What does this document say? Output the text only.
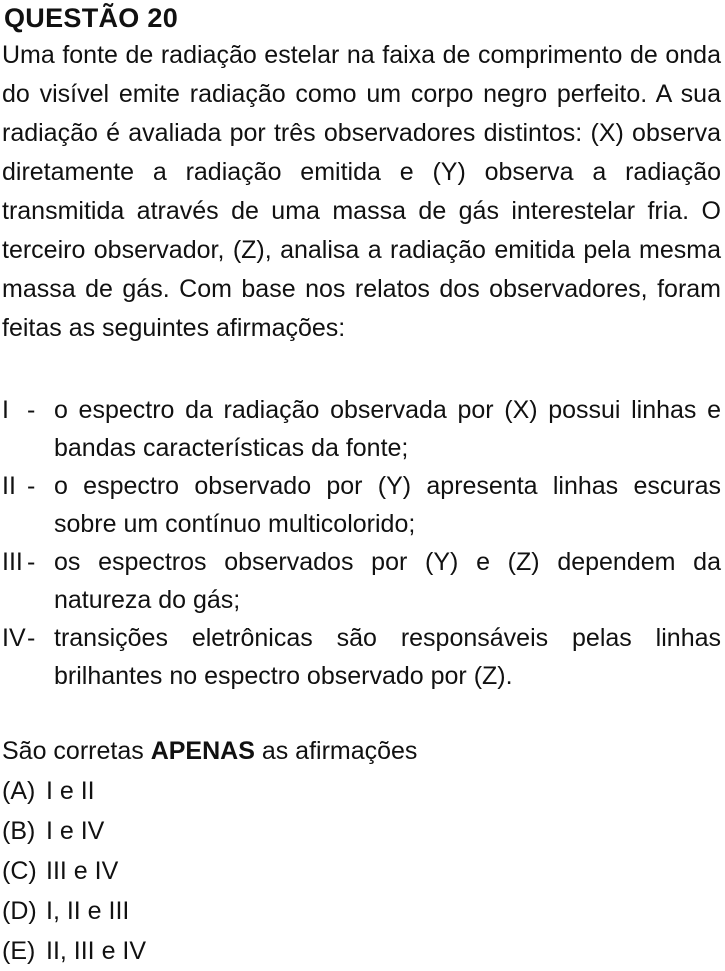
QUESTÃO 20

Uma fonte de radiação estelar na faixa de comprimento de onda do visível emite radiação como um corpo negro perfeito. A sua radiação é avaliada por três observadores distintos: (X) observa diretamente a radiação emitida e (Y) observa a radiação transmitida através de uma massa de gás interestelar fria. O terceiro observador, (Z), analisa a radiação emitida pela mesma massa de gás. Com base nos relatos dos observadores, foram feitas as seguintes afirmações:

I - o espectro da radiação observada por (X) possui linhas e bandas características da fonte;
II - o espectro observado por (Y) apresenta linhas escuras sobre um contínuo multicolorido;
III - os espectros observados por (Y) e (Z) dependem da natureza do gás;
IV - transições eletrônicas são responsáveis pelas linhas brilhantes no espectro observado por (Z).
São corretas APENAS as afirmações
(A) I e II
(B) I e IV
(C) III e IV
(D) I, II e III
(E) II, III e IV
